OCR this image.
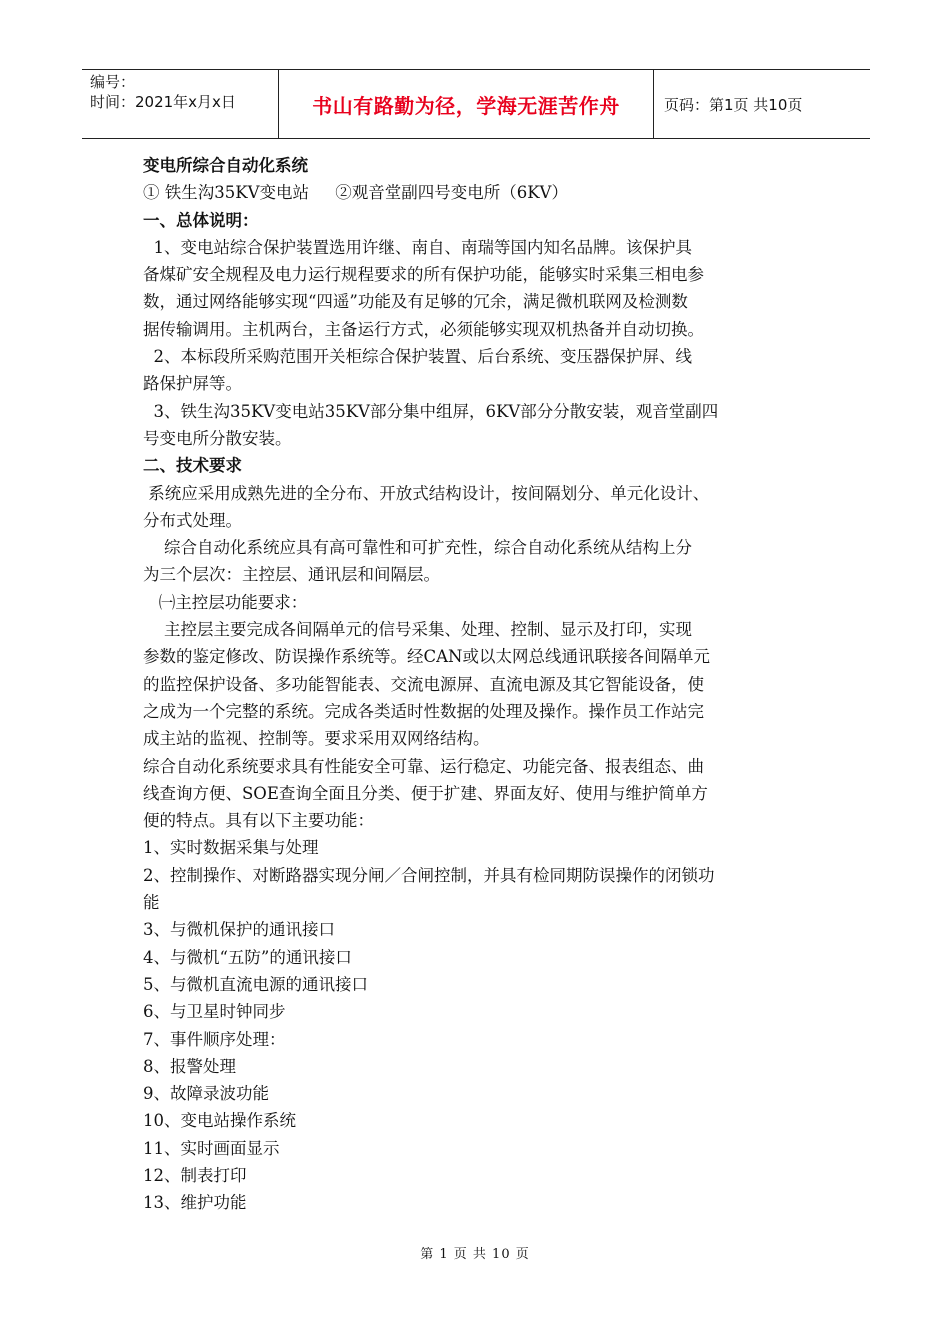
编号：
时间：2021年x月x日	书山有路勤为径，学海无涯苦作舟	页码：第1页 共10页
变电所综合自动化系统
① 铁生沟35KV变电站     ②观音堂副四号变电所（6KV）
一、总体说明：
1、变电站综合保护装置选用许继、南自、南瑞等国内知名品牌。该保护具
备煤矿安全规程及电力运行规程要求的所有保护功能，能够实时采集三相电参
数，通过网络能够实现“四遥”功能及有足够的冗余，满足微机联网及检测数
据传输调用。主机两台，主备运行方式，必须能够实现双机热备并自动切换。
2、本标段所采购范围开关柜综合保护装置、后台系统、变压器保护屏、线
路保护屏等。
3、铁生沟35KV变电站35KV部分集中组屏，6KV部分分散安装，观音堂副四
号变电所分散安装。
二、技术要求
系统应采用成熟先进的全分布、开放式结构设计，按间隔划分、单元化设计、
分布式处理。
综合自动化系统应具有高可靠性和可扩充性，综合自动化系统从结构上分
为三个层次：主控层、通讯层和间隔层。
㈠主控层功能要求：
主控层主要完成各间隔单元的信号采集、处理、控制、显示及打印，实现
参数的鉴定修改、防误操作系统等。经CAN或以太网总线通讯联接各间隔单元
的监控保护设备、多功能智能表、交流电源屏、直流电源及其它智能设备，使
之成为一个完整的系统。完成各类适时性数据的处理及操作。操作员工作站完
成主站的监视、控制等。要求采用双网络结构。
综合自动化系统要求具有性能安全可靠、运行稳定、功能完备、报表组态、曲
线查询方便、SOE查询全面且分类、便于扩建、界面友好、使用与维护简单方
便的特点。具有以下主要功能：
1、实时数据采集与处理
2、控制操作、对断路器实现分闸／合闸控制，并具有检同期防误操作的闭锁功
能
3、与微机保护的通讯接口
4、与微机“五防”的通讯接口
5、与微机直流电源的通讯接口
6、与卫星时钟同步
7、事件顺序处理：
8、报警处理
9、故障录波功能
10、变电站操作系统
11、实时画面显示
12、制表打印
13、维护功能
第 1 页 共 10 页
